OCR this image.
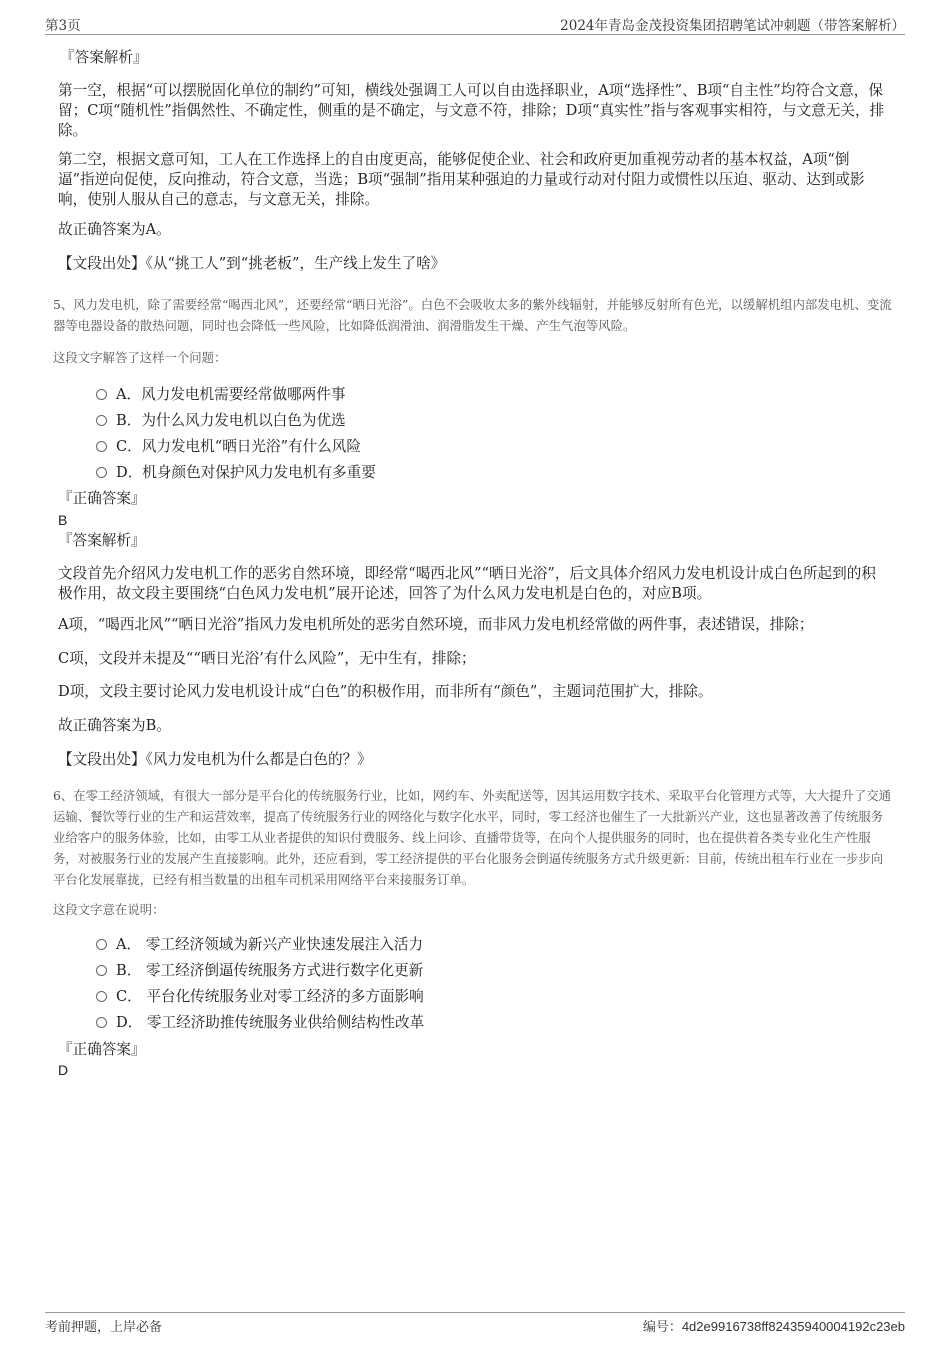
第3页	2024年青岛金茂投资集团招聘笔试冲刺题（带答案解析）
『答案解析』
第一空，根据“可以摆脱固化单位的制约”可知，横线处强调工人可以自由选择职业，A项“选择性”、B项“自主性”均符合文意，保留；C项“随机性”指偶然性、不确定性，侧重的是不确定，与文意不符，排除；D项“真实性”指与客观事实相符，与文意无关，排除。
第二空，根据文意可知，工人在工作选择上的自由度更高，能够促使企业、社会和政府更加重视劳动者的基本权益，A项“倒逼”指逆向促使，反向推动，符合文意，当选；B项“强制”指用某种强迫的力量或行动对付阻力或惯性以压迫、驱动、达到或影响，使别人服从自己的意志，与文意无关，排除。
故正确答案为A。
【文段出处】《从“挑工人”到“挑老板”，生产线上发生了啥》
5、风力发电机，除了需要经常“喝西北风”，还要经常“晒日光浴”。白色不会吸收太多的紫外线辐射，并能够反射所有色光，以缓解机组内部发电机、变流器等电器设备的散热问题，同时也会降低一些风险，比如降低润滑油、润滑脂发生干燥、产生气泡等风险。
这段文字解答了这样一个问题：
A．风力发电机需要经常做哪两件事
B．为什么风力发电机以白色为优选
C．风力发电机“晒日光浴”有什么风险
D．机身颜色对保护风力发电机有多重要
『正确答案』
B
『答案解析』
文段首先介绍风力发电机工作的恶劣自然环境，即经常“喝西北风”“晒日光浴”，后文具体介绍风力发电机设计成白色所起到的积极作用，故文段主要围绕“白色风力发电机”展开论述，回答了为什么风力发电机是白色的，对应B项。
A项，“喝西北风”“晒日光浴”指风力发电机所处的恶劣自然环境，而非风力发电机经常做的两件事，表述错误，排除；
C项，文段并未提及““晒日光浴’有什么风险”，无中生有，排除；
D项，文段主要讨论风力发电机设计成“白色”的积极作用，而非所有“颜色”，主题词范围扩大，排除。
故正确答案为B。
【文段出处】《风力发电机为什么都是白色的？》
6、在零工经济领域，有很大一部分是平台化的传统服务行业，比如，网约车、外卖配送等，因其运用数字技术、采取平台化管理方式等，大大提升了交通运输、餐饮等行业的生产和运营效率，提高了传统服务行业的网络化与数字化水平，同时，零工经济也催生了一大批新兴产业，这也显著改善了传统服务业给客户的服务体验，比如，由零工从业者提供的知识付费服务、线上问诊、直播带货等，在向个人提供服务的同时，也在提供着各类专业化生产性服务，对被服务行业的发展产生直接影响。此外，还应看到，零工经济提供的平台化服务会倒逼传统服务方式升级更新：目前，传统出租车行业在一步步向平台化发展靠拢，已经有相当数量的出租车司机采用网络平台来接服务订单。
这段文字意在说明：
A． 零工经济领域为新兴产业快速发展注入活力
B． 零工经济倒逼传统服务方式进行数字化更新
C． 平台化传统服务业对零工经济的多方面影响
D． 零工经济助推传统服务业供给侧结构性改革
『正确答案』
D
考前押题，上岸必备	编号：4d2e9916738ff82435940004192c23eb
